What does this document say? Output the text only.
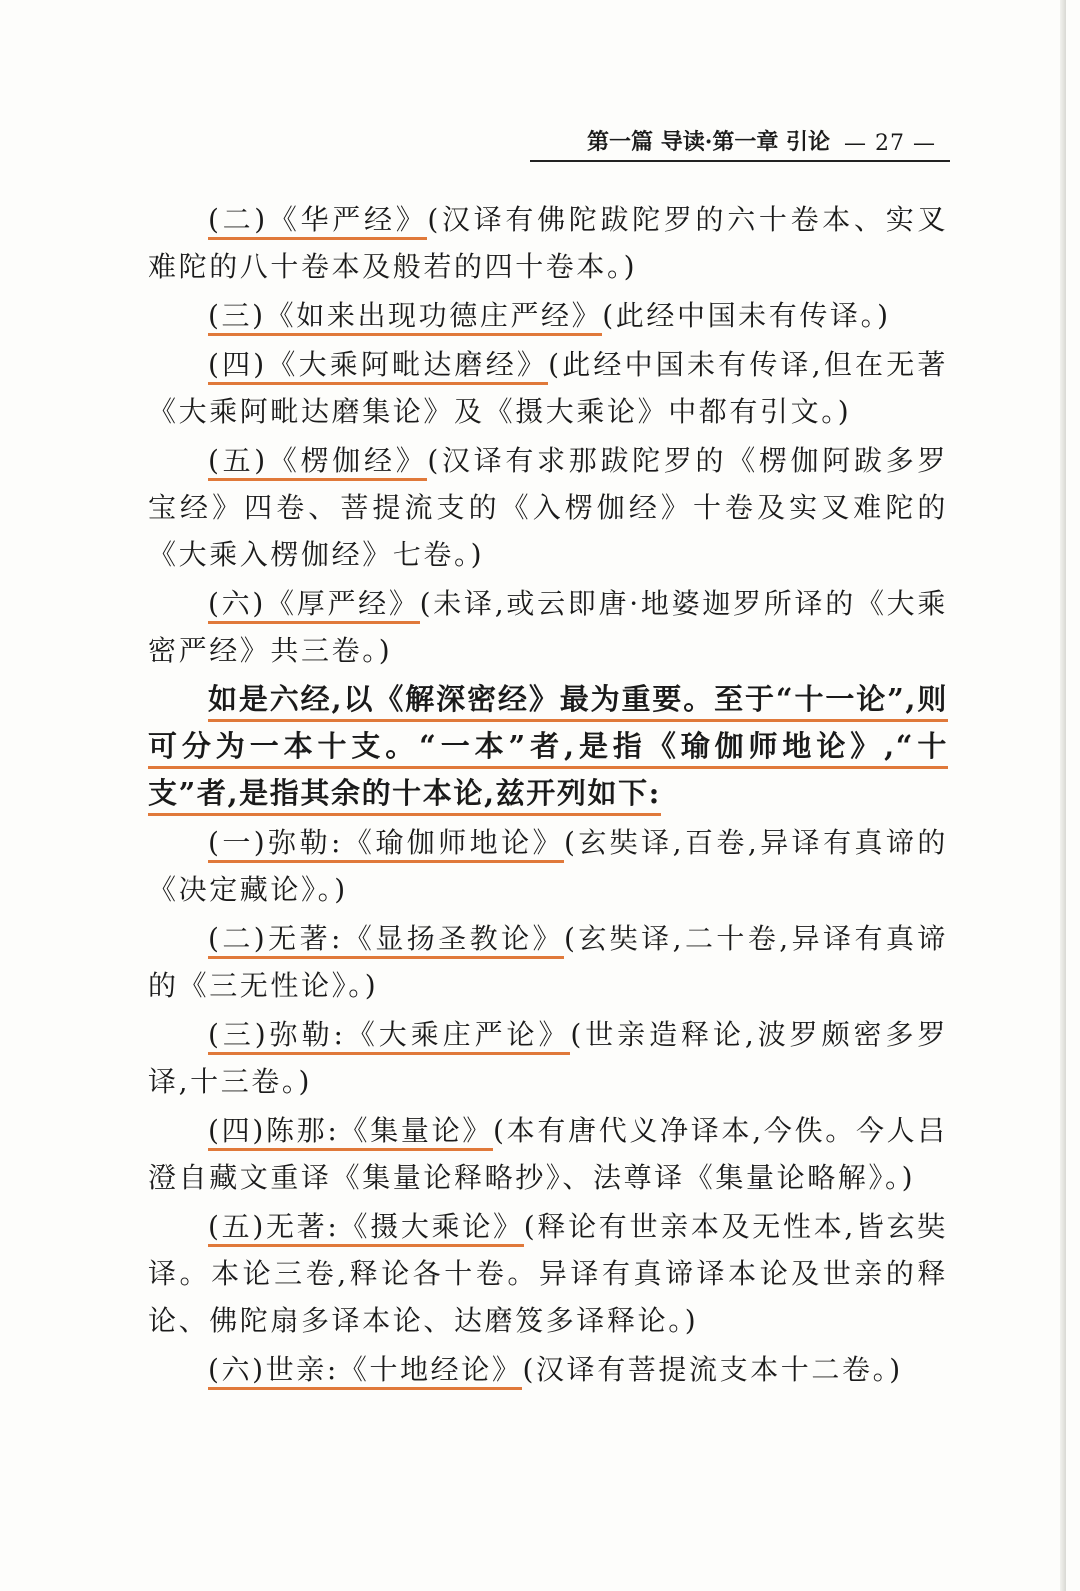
第一篇 导读·第一章 引论 — 27 —

(二)《华严经》(汉译有佛陀跋陀罗的六十卷本、实叉难陀的八十卷本及般若的四十卷本。)

(三)《如来出现功德庄严经》(此经中国未有传译。)

(四)《大乘阿毗达磨经》(此经中国未有传译,但在无著《大乘阿毗达磨集论》及《摄大乘论》中都有引文。)

(五)《楞伽经》(汉译有求那跋陀罗的《楞伽阿跋多罗宝经》四卷、菩提流支的《入楞伽经》十卷及实叉难陀的《大乘入楞伽经》七卷。)

(六)《厚严经》(未译,或云即唐·地婆迦罗所译的《大乘密严经》共三卷。)

如是六经,以《解深密经》最为重要。至于“十一论”,则可分为一本十支。“一本”者,是指《瑜伽师地论》,“十支”者,是指其余的十本论,兹开列如下:

(一)弥勒:《瑜伽师地论》(玄奘译,百卷,异译有真谛的《决定藏论》。)

(二)无著:《显扬圣教论》(玄奘译,二十卷,异译有真谛的《三无性论》。)

(三)弥勒:《大乘庄严论》(世亲造释论,波罗颇密多罗译,十三卷。)

(四)陈那:《集量论》(本有唐代义净译本,今佚。今人吕澄自藏文重译《集量论释略抄》、法尊译《集量论略解》。)

(五)无著:《摄大乘论》(释论有世亲本及无性本,皆玄奘译。本论三卷,释论各十卷。异译有真谛译本论及世亲的释论、佛陀扇多译本论、达磨笈多译释论。)

(六)世亲:《十地经论》(汉译有菩提流支本十二卷。)
